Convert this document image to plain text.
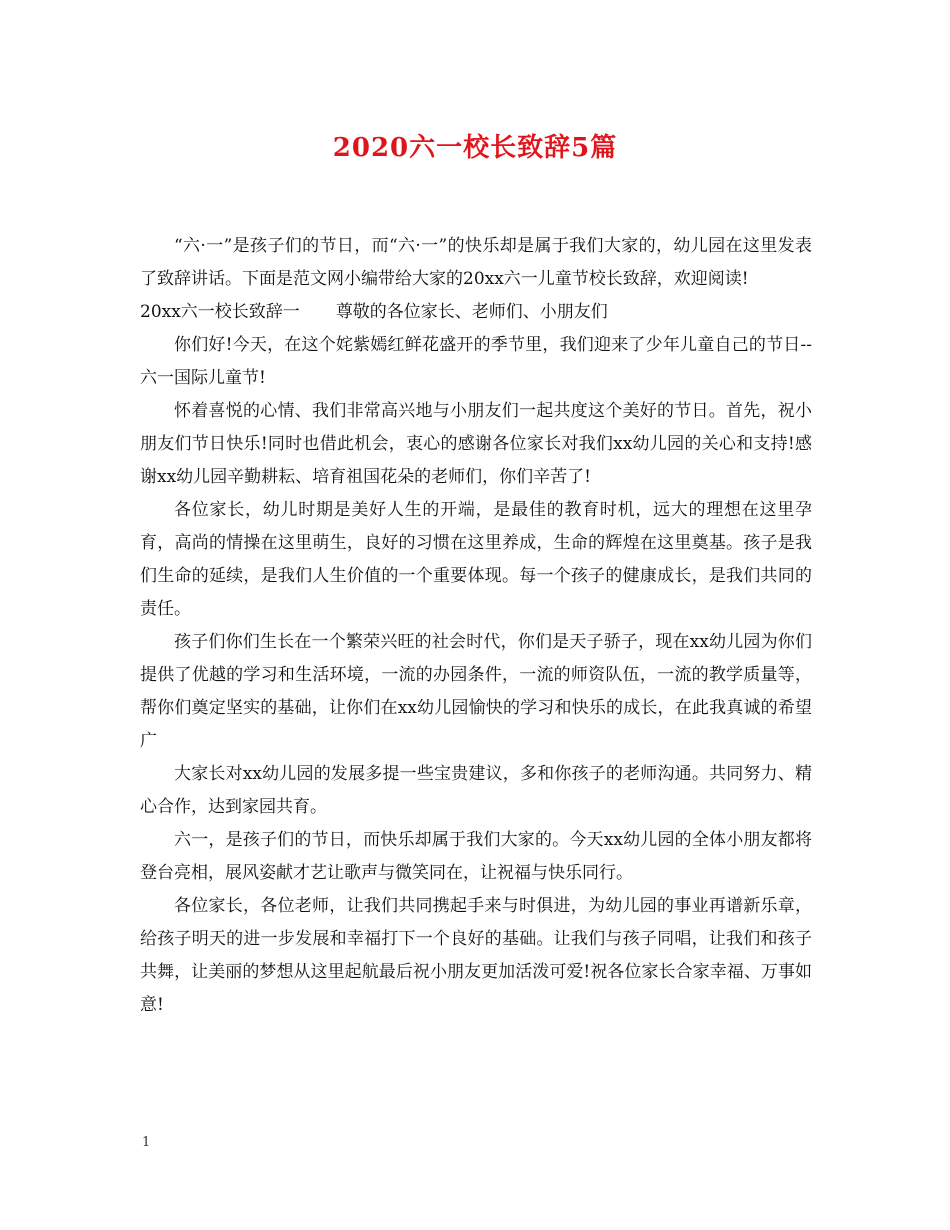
2020六一校长致辞5篇

“六·一”是孩子们的节日，而“六·一”的快乐却是属于我们大家的，幼儿园在这里发表了致辞讲话。下面是范文网小编带给大家的20xx六一儿童节校长致辞，欢迎阅读!

20xx六一校长致辞一 尊敬的各位家长、老师们、小朋友们

你们好!今天，在这个姹紫嫣红鲜花盛开的季节里，我们迎来了少年儿童自己的节日--六一国际儿童节!

怀着喜悦的心情、我们非常高兴地与小朋友们一起共度这个美好的节日。首先，祝小朋友们节日快乐!同时也借此机会，衷心的感谢各位家长对我们xx幼儿园的关心和支持!感谢xx幼儿园辛勤耕耘、培育祖国花朵的老师们，你们辛苦了!

各位家长，幼儿时期是美好人生的开端，是最佳的教育时机，远大的理想在这里孕育，高尚的情操在这里萌生，良好的习惯在这里养成，生命的辉煌在这里奠基。孩子是我们生命的延续，是我们人生价值的一个重要体现。每一个孩子的健康成长，是我们共同的责任。

孩子们你们生长在一个繁荣兴旺的社会时代，你们是天子骄子，现在xx幼儿园为你们提供了优越的学习和生活环境，一流的办园条件，一流的师资队伍，一流的教学质量等，帮你们奠定坚实的基础，让你们在xx幼儿园愉快的学习和快乐的成长，在此我真诚的希望广

大家长对xx幼儿园的发展多提一些宝贵建议，多和你孩子的老师沟通。共同努力、精心合作，达到家园共育。

六一，是孩子们的节日，而快乐却属于我们大家的。今天xx幼儿园的全体小朋友都将登台亮相，展风姿献才艺让歌声与微笑同在，让祝福与快乐同行。

各位家长，各位老师，让我们共同携起手来与时俱进，为幼儿园的事业再谱新乐章，给孩子明天的进一步发展和幸福打下一个良好的基础。让我们与孩子同唱，让我们和孩子共舞，让美丽的梦想从这里起航最后祝小朋友更加活泼可爱!祝各位家长合家幸福、万事如意!

1
